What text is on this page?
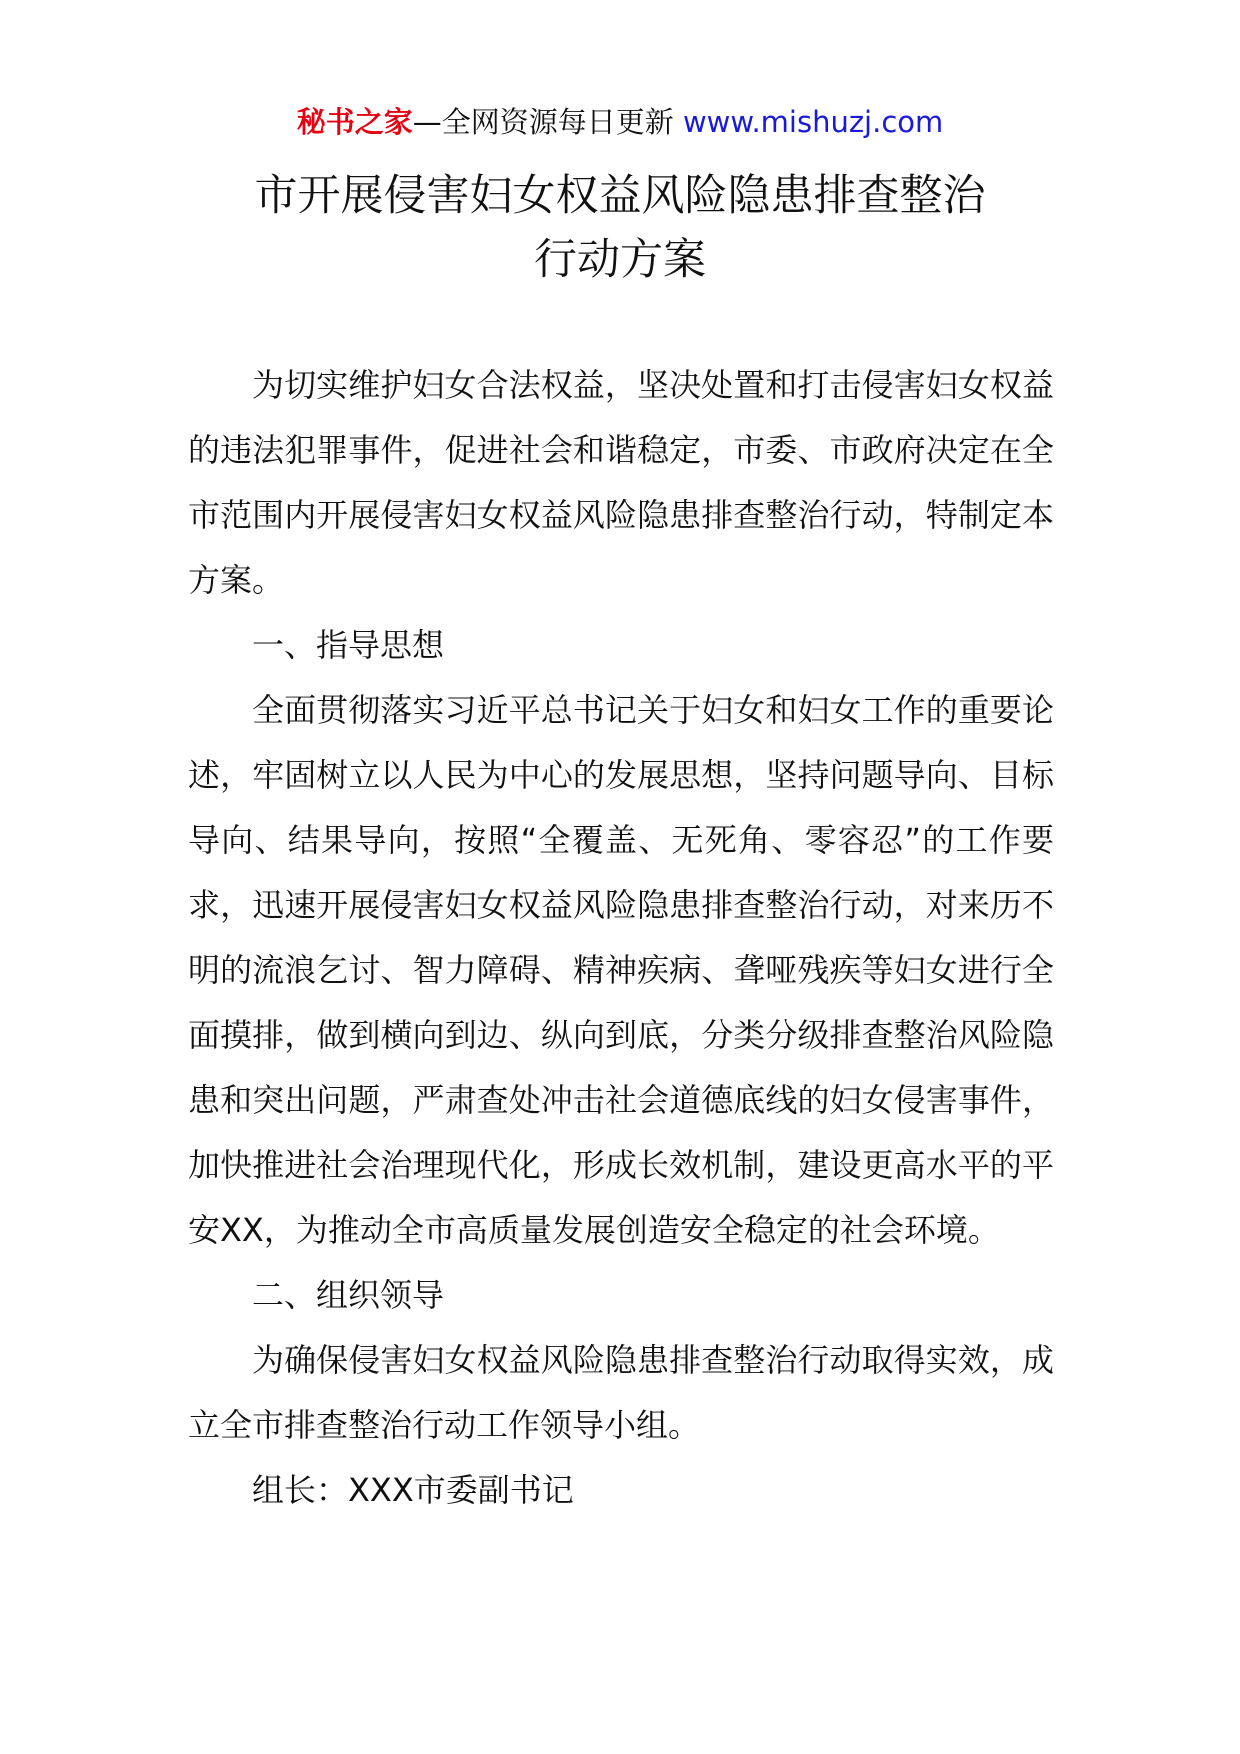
秘书之家—全网资源每日更新 www.mishuzj.com
市开展侵害妇女权益风险隐患排查整治
行动方案

为切实维护妇女合法权益，坚决处置和打击侵害妇女权益的违法犯罪事件，促进社会和谐稳定，市委、市政府决定在全市范围内开展侵害妇女权益风险隐患排查整治行动，特制定本方案。

一、指导思想

全面贯彻落实习近平总书记关于妇女和妇女工作的重要论述，牢固树立以人民为中心的发展思想，坚持问题导向、目标导向、结果导向，按照“全覆盖、无死角、零容忍”的工作要求，迅速开展侵害妇女权益风险隐患排查整治行动，对来历不明的流浪乞讨、智力障碍、精神疾病、聋哑残疾等妇女进行全面摸排，做到横向到边、纵向到底，分类分级排查整治风险隐患和突出问题，严肃查处冲击社会道德底线的妇女侵害事件，加快推进社会治理现代化，形成长效机制，建设更高水平的平安XX，为推动全市高质量发展创造安全稳定的社会环境。

二、组织领导

为确保侵害妇女权益风险隐患排查整治行动取得实效，成立全市排查整治行动工作领导小组。

组长：XXX市委副书记
